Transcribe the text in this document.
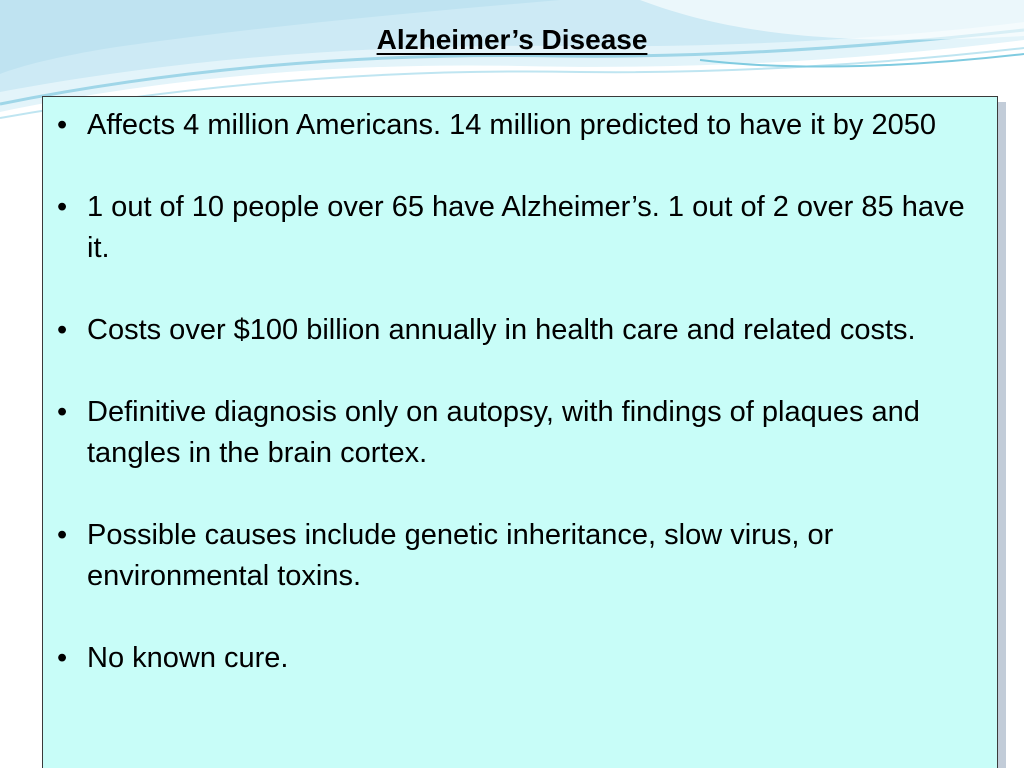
Alzheimer’s Disease
• Affects 4 million Americans. 14 million predicted to have it by 2050
• 1 out of 10 people over 65 have Alzheimer’s. 1 out of 2 over 85 have it.
• Costs over $100 billion annually in health care and related costs.
• Definitive diagnosis only on autopsy, with findings of plaques and tangles in the brain cortex.
• Possible causes include genetic inheritance, slow virus, or environmental toxins.
• No known cure.
